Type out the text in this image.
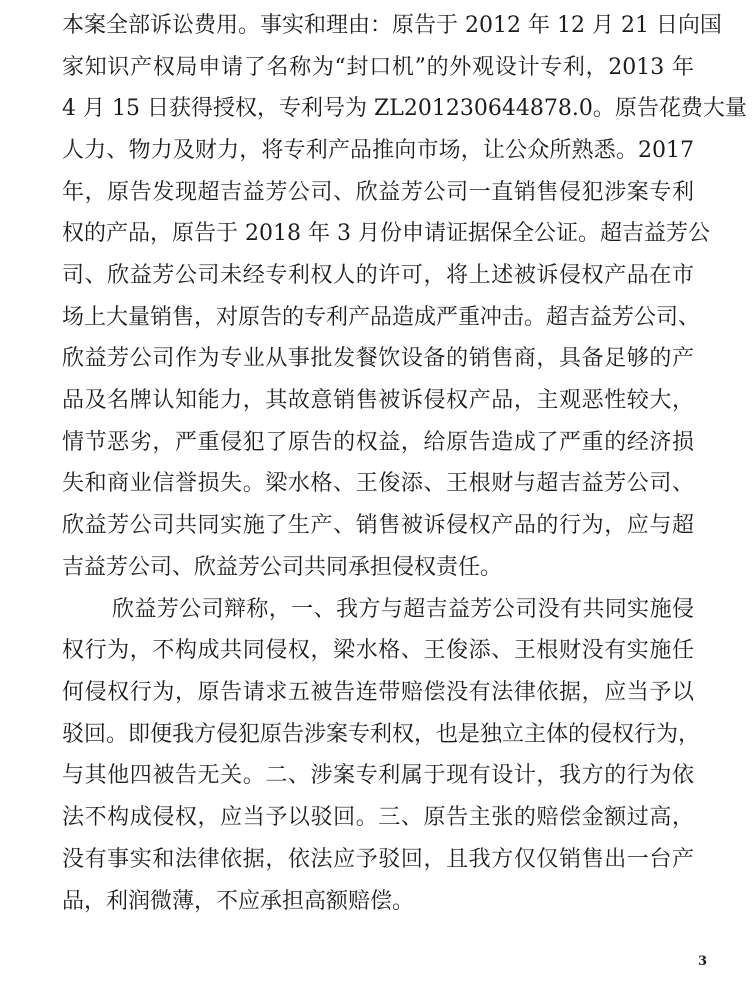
本案全部诉讼费用。事实和理由：原告于 2012 年 12 月 21 日向国
家知识产权局申请了名称为“封口机”的外观设计专利，2013 年
4 月 15 日获得授权，专利号为 ZL201230644878.0。原告花费大量
人力、物力及财力，将专利产品推向市场，让公众所熟悉。2017
年，原告发现超吉益芳公司、欣益芳公司一直销售侵犯涉案专利
权的产品，原告于 2018 年 3 月份申请证据保全公证。超吉益芳公
司、欣益芳公司未经专利权人的许可，将上述被诉侵权产品在市
场上大量销售，对原告的专利产品造成严重冲击。超吉益芳公司、
欣益芳公司作为专业从事批发餐饮设备的销售商，具备足够的产
品及名牌认知能力，其故意销售被诉侵权产品，主观恶性较大，
情节恶劣，严重侵犯了原告的权益，给原告造成了严重的经济损
失和商业信誉损失。梁水格、王俊添、王根财与超吉益芳公司、
欣益芳公司共同实施了生产、销售被诉侵权产品的行为，应与超
吉益芳公司、欣益芳公司共同承担侵权责任。
欣益芳公司辩称，一、我方与超吉益芳公司没有共同实施侵
权行为，不构成共同侵权，梁水格、王俊添、王根财没有实施任
何侵权行为，原告请求五被告连带赔偿没有法律依据，应当予以
驳回。即便我方侵犯原告涉案专利权，也是独立主体的侵权行为，
与其他四被告无关。二、涉案专利属于现有设计，我方的行为依
法不构成侵权，应当予以驳回。三、原告主张的赔偿金额过高，
没有事实和法律依据，依法应予驳回，且我方仅仅销售出一台产
品，利润微薄，不应承担高额赔偿。
3
